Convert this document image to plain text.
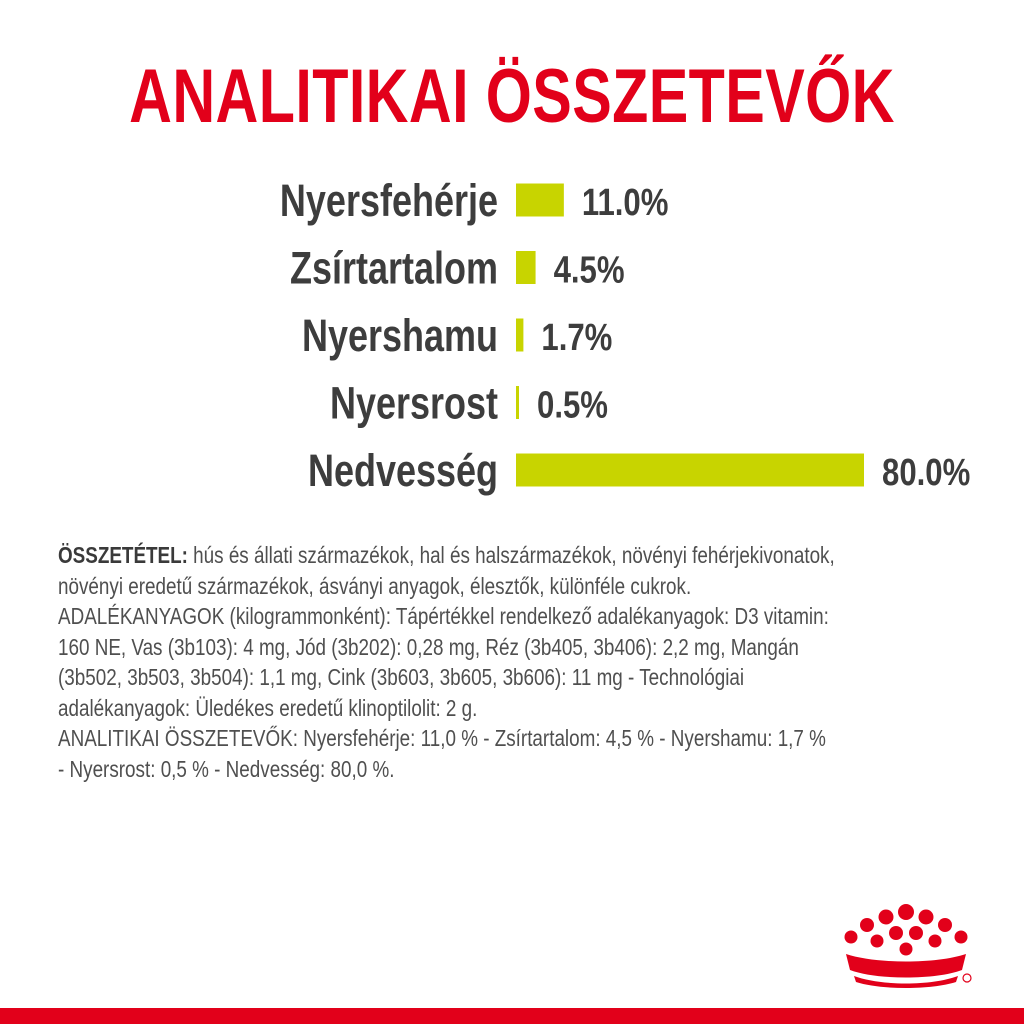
ANALITIKAI ÖSSZETEVŐK
Nyersfehérje 11.0%
Zsírtartalom 4.5%
Nyershamu 1.7%
Nyersrost 0.5%
Nedvesség	80.0%

ÖSSZETÉTEL: hús és állati származékok, hal és halszármazékok, növényi fehérjekivonatok,

növényi eredetű származékok, ásványi anyagok, élesztők, különféle cukrok.

ADALÉKANYAGOK (kilogrammonként): Tápértékkel rendelkező adalékanyagok: D3 vitamin:

160 NE, Vas (3b103): 4 mg, Jód (3b202): 0,28 mg, Réz (3b405, 3b406): 2,2 mg, Mangán

(3b502, 3b503, 3b504): 1,1 mg, Cink (3b603, 3b605, 3b606): 11 mg - Technológiai

adalékanyagok: Üledékes eredetű klinoptilolit: 2 g.

ANALITIKAI ÖSSZETEVŐK: Nyersfehérje: 11,0 % - Zsírtartalom: 4,5 % - Nyershamu: 1,7 %

- Nyersrost: 0,5 % - Nedvesség: 80,0 %.
